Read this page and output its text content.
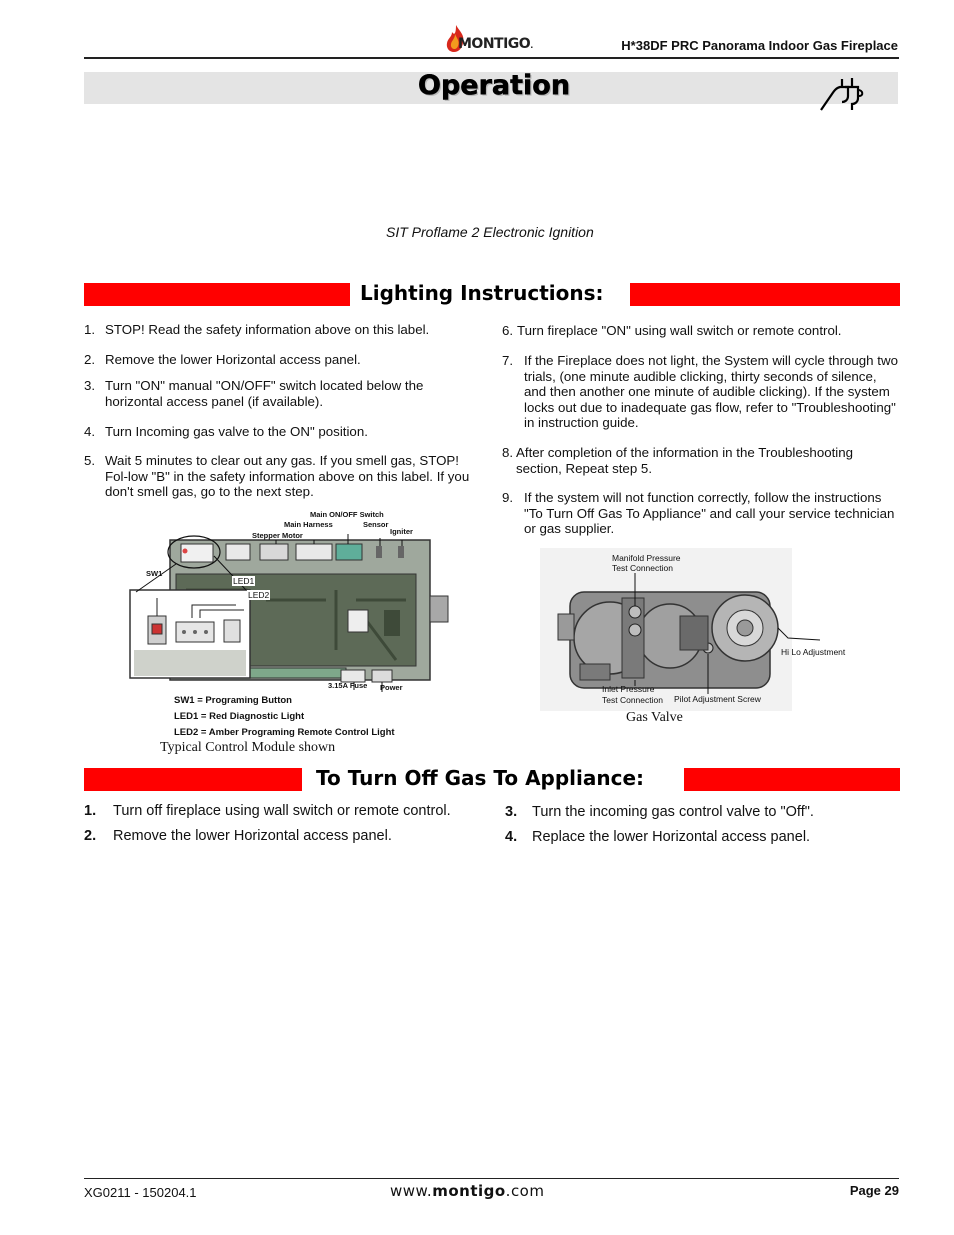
MONTIGO.	H*38DF PRC Panorama Indoor Gas Fireplace
Operation
SIT Proflame 2 Electronic Ignition
Lighting Instructions:
1. STOP! Read the safety information above on this label.
2. Remove the lower Horizontal access panel.
3. Turn "ON" manual "ON/OFF" switch located below the horizontal access panel (if available).
4. Turn Incoming gas valve to the ON" position.
5. Wait 5 minutes to clear out any gas. If you smell gas, STOP! Fol-low "B" in the safety information above on this label. If you don't smell gas, go to the next step.
6. Turn fireplace "ON" using wall switch or remote control.
7. If the Fireplace does not light, the System will cycle through two trials, (one minute audible clicking, thirty seconds of silence, and then another one minute of audible clicking). If the system locks out due to inadequate gas flow, refer to "Troubleshooting" in instruction guide.
8. After completion of the information in the Troubleshooting section, Repeat step 5.
9. If the system will not function correctly, follow the instructions "To Turn Off Gas To Appliance" and call your service technician or gas supplier.
Main ON/OFF Switch
Main Harness	Sensor
Stepper Motor	Igniter
SW1
LED1
LED2
3.15A Fuse Power
SW1 = Programing Button
LED1 = Red Diagnostic Light
LED2 = Amber Programing Remote Control Light
Typical Control Module shown
Manifold Pressure
Test Connection
Hi Lo Adjustment
Inlet Pressure
Test Connection Pilot Adjustment Screw
Gas Valve
To Turn Off Gas To Appliance:
1. Turn off fireplace using wall switch or remote control.
2. Remove the lower Horizontal access panel.
3. Turn the incoming gas control valve to "Off".
4. Replace the lower Horizontal access panel.
XG0211 - 150204.1	www.montigo.com	Page 29
